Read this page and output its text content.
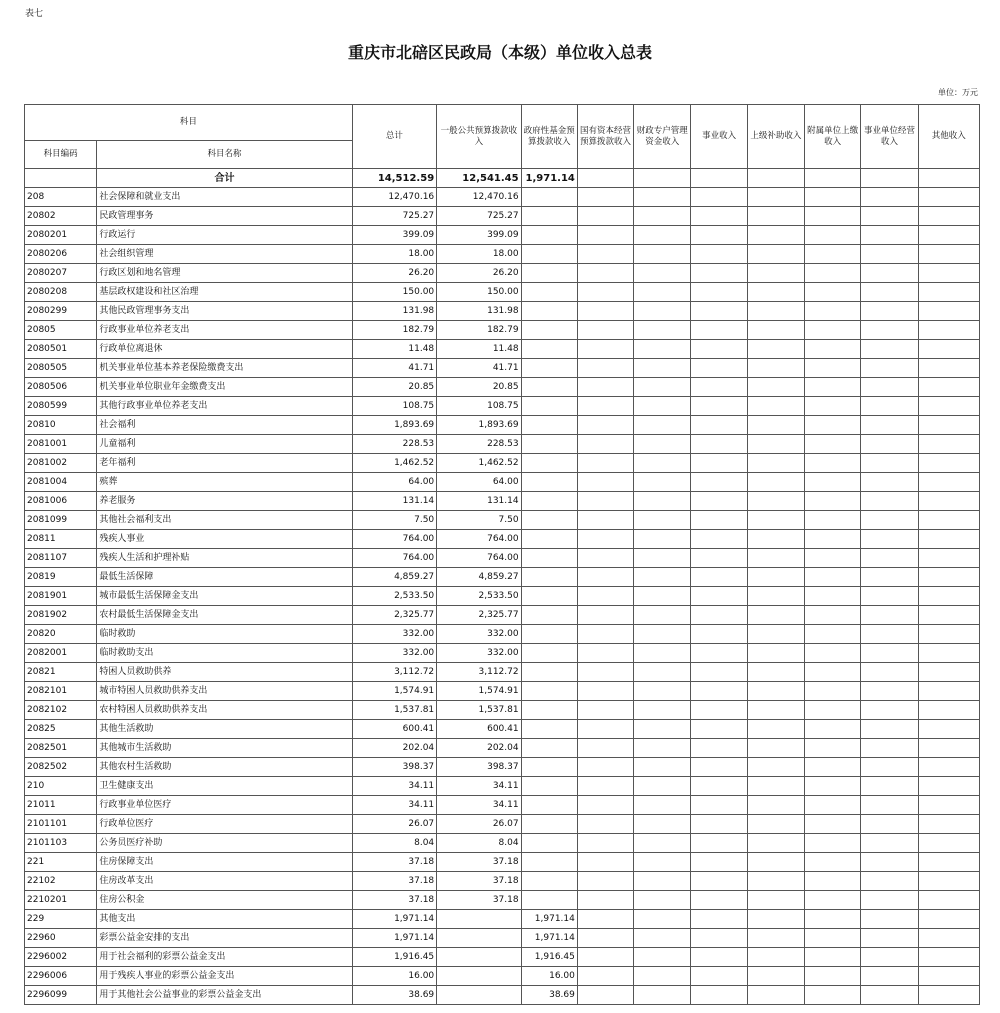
表七
重庆市北碚区民政局（本级）单位收入总表
单位：万元
科目		总计	一般公共预算拨款收入	政府性基金预算拨款收入	国有资本经营预算拨款收入	财政专户管理资金收入	事业收入	上级补助收入	附属单位上缴收入	事业单位经营收入	其他收入
科目编码	科目名称										
	合计	14,512.59	12,541.45	1,971.14							
208	社会保障和就业支出	12,470.16	12,470.16								
20802	民政管理事务	725.27	725.27								
2080201	行政运行	399.09	399.09								
2080206	社会组织管理	18.00	18.00								
2080207	行政区划和地名管理	26.20	26.20								
2080208	基层政权建设和社区治理	150.00	150.00								
2080299	其他民政管理事务支出	131.98	131.98								
20805	行政事业单位养老支出	182.79	182.79								
2080501	行政单位离退休	11.48	11.48								
2080505	机关事业单位基本养老保险缴费支出	41.71	41.71								
2080506	机关事业单位职业年金缴费支出	20.85	20.85								
2080599	其他行政事业单位养老支出	108.75	108.75								
20810	社会福利	1,893.69	1,893.69								
2081001	儿童福利	228.53	228.53								
2081002	老年福利	1,462.52	1,462.52								
2081004	殡葬	64.00	64.00								
2081006	养老服务	131.14	131.14								
2081099	其他社会福利支出	7.50	7.50								
20811	残疾人事业	764.00	764.00								
2081107	残疾人生活和护理补贴	764.00	764.00								
20819	最低生活保障	4,859.27	4,859.27								
2081901	城市最低生活保障金支出	2,533.50	2,533.50								
2081902	农村最低生活保障金支出	2,325.77	2,325.77								
20820	临时救助	332.00	332.00								
2082001	临时救助支出	332.00	332.00								
20821	特困人员救助供养	3,112.72	3,112.72								
2082101	城市特困人员救助供养支出	1,574.91	1,574.91								
2082102	农村特困人员救助供养支出	1,537.81	1,537.81								
20825	其他生活救助	600.41	600.41								
2082501	其他城市生活救助	202.04	202.04								
2082502	其他农村生活救助	398.37	398.37								
210	卫生健康支出	34.11	34.11								
21011	行政事业单位医疗	34.11	34.11								
2101101	行政单位医疗	26.07	26.07								
2101103	公务员医疗补助	8.04	8.04								
221	住房保障支出	37.18	37.18								
22102	住房改革支出	37.18	37.18								
2210201	住房公积金	37.18	37.18								
229	其他支出	1,971.14		1,971.14							
22960	彩票公益金安排的支出	1,971.14		1,971.14							
2296002	用于社会福利的彩票公益金支出	1,916.45		1,916.45							
2296006	用于残疾人事业的彩票公益金支出	16.00		16.00							
2296099	用于其他社会公益事业的彩票公益金支出	38.69		38.69							
